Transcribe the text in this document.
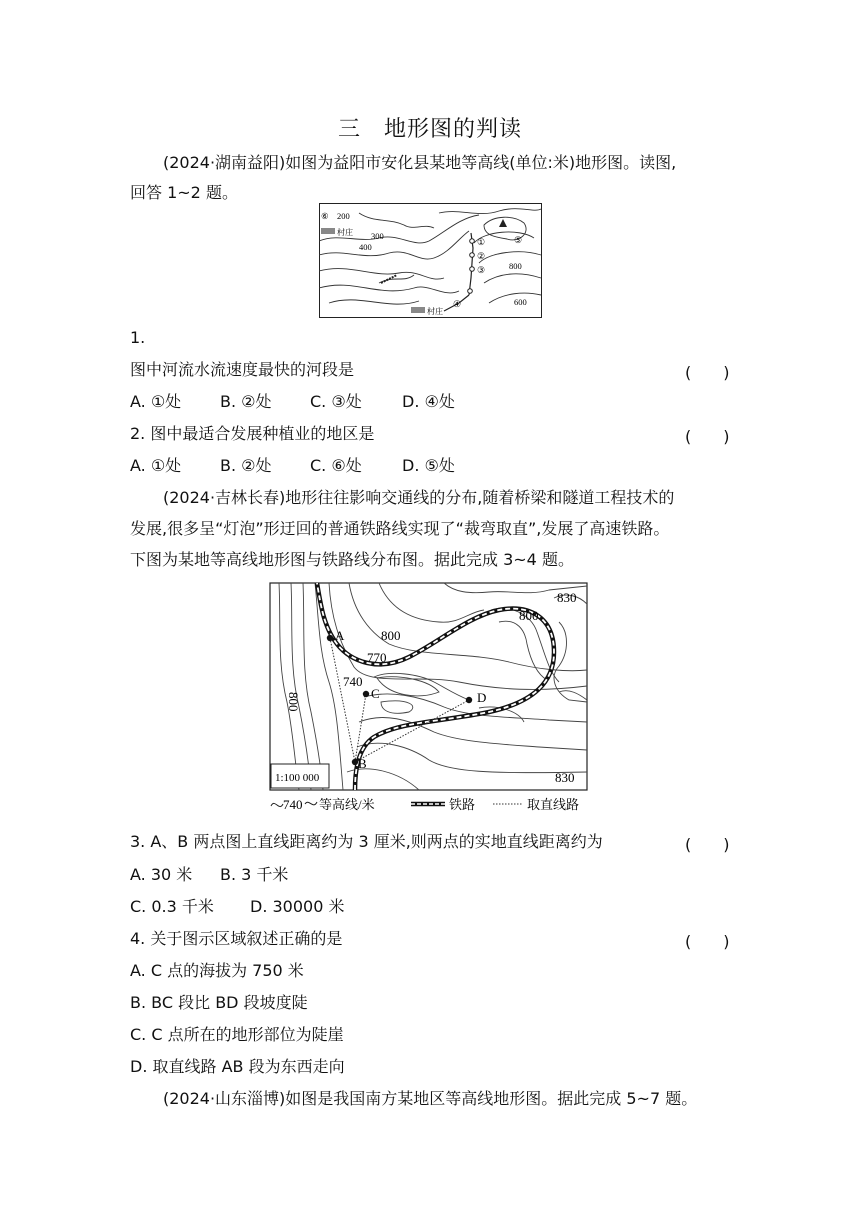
三　地形图的判读
(2024·湖南益阳)如图为益阳市安化县某地等高线(单位:米)地形图。读图,
回答 1~2 题。
⑥ 200
村庄 300
400	①
②
③
④
⑤
800
600
村庄
1.
图中河流水流速度最快的河段是	(　　)
A. ①处 B. ②处 C. ③处	D. ④处
2. 图中最适合发展种植业的地区是	(　　)
A. ①处 B. ②处 C. ⑥处	D. ⑤处
(2024·吉林长春)地形往往影响交通线的分布,随着桥梁和隧道工程技术的
发展,很多呈“灯泡”形迂回的普通铁路线实现了“裁弯取直”,发展了高速铁路。
下图为某地等高线地形图与铁路线分布图。据此完成 3~4 题。
A
B
C	D
830
800
800
770
740
800
830
1:100 000
740 等高线/米	铁路	取直线路
3. A、B 两点图上直线距离约为 3 厘米,则两点的实地直线距离约为	(　　)
A. 30 米 B. 3 千米
C. 0.3 千米 D. 30000 米
4. 关于图示区域叙述正确的是	(　　)
A. C 点的海拔为 750 米
B. BC 段比 BD 段坡度陡
C. C 点所在的地形部位为陡崖
D. 取直线路 AB 段为东西走向
(2024·山东淄博)如图是我国南方某地区等高线地形图。据此完成 5~7 题。
